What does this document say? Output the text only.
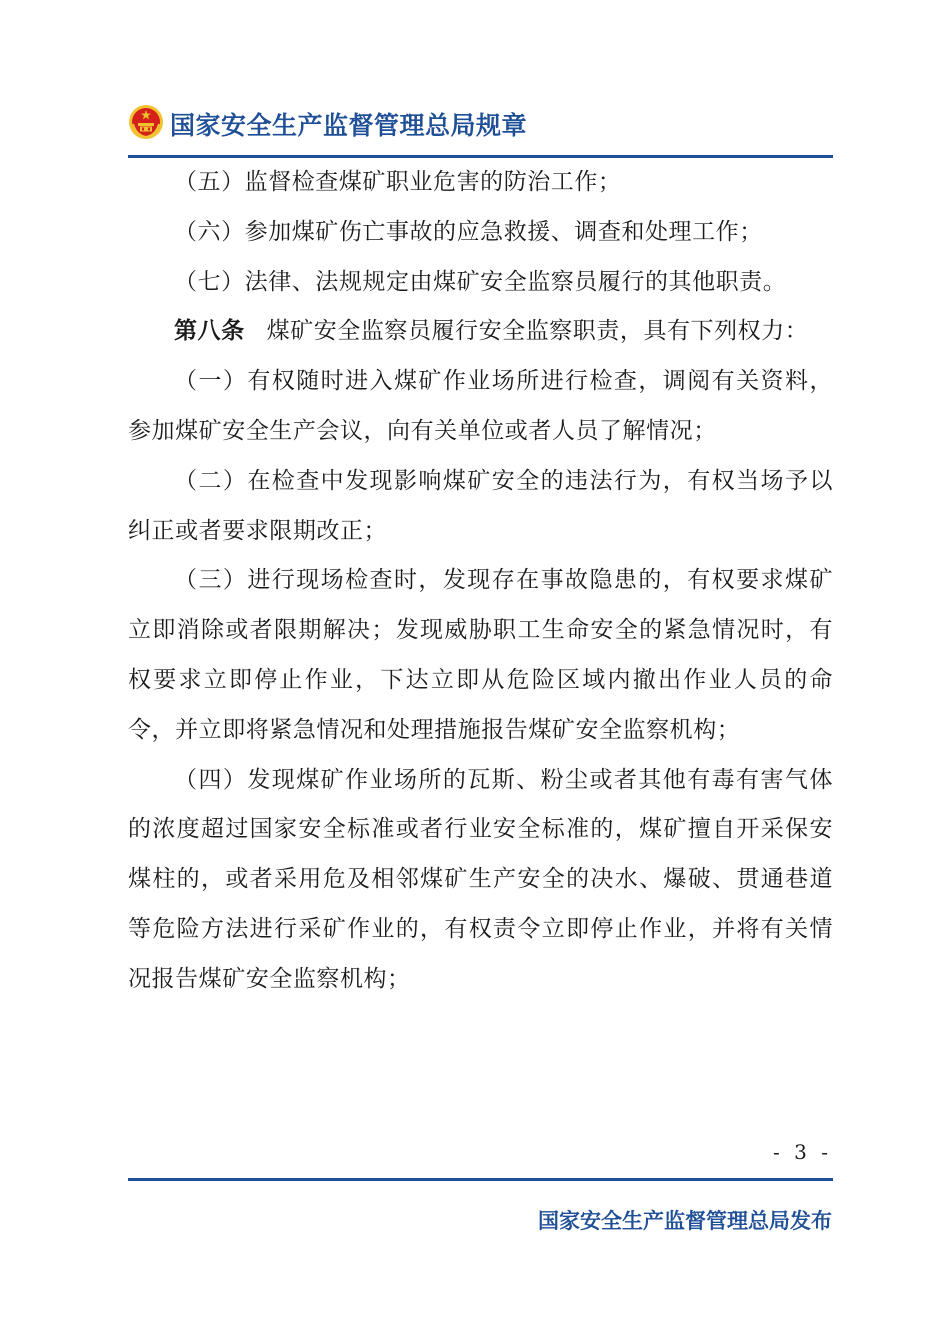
国家安全生产监督管理总局规章

（五）监督检查煤矿职业危害的防治工作；

（六）参加煤矿伤亡事故的应急救援、调查和处理工作；

（七）法律、法规规定由煤矿安全监察员履行的其他职责。

第八条 煤矿安全监察员履行安全监察职责，具有下列权力：

（一）有权随时进入煤矿作业场所进行检查，调阅有关资料，参加煤矿安全生产会议，向有关单位或者人员了解情况；

（二）在检查中发现影响煤矿安全的违法行为，有权当场予以纠正或者要求限期改正；

（三）进行现场检查时，发现存在事故隐患的，有权要求煤矿立即消除或者限期解决；发现威胁职工生命安全的紧急情况时，有权要求立即停止作业，下达立即从危险区域内撤出作业人员的命令，并立即将紧急情况和处理措施报告煤矿安全监察机构；

（四）发现煤矿作业场所的瓦斯、粉尘或者其他有毒有害气体的浓度超过国家安全标准或者行业安全标准的，煤矿擅自开采保安煤柱的，或者采用危及相邻煤矿生产安全的决水、爆破、贯通巷道等危险方法进行采矿作业的，有权责令立即停止作业，并将有关情况报告煤矿安全监察机构；

- 3 -
国家安全生产监督管理总局发布
